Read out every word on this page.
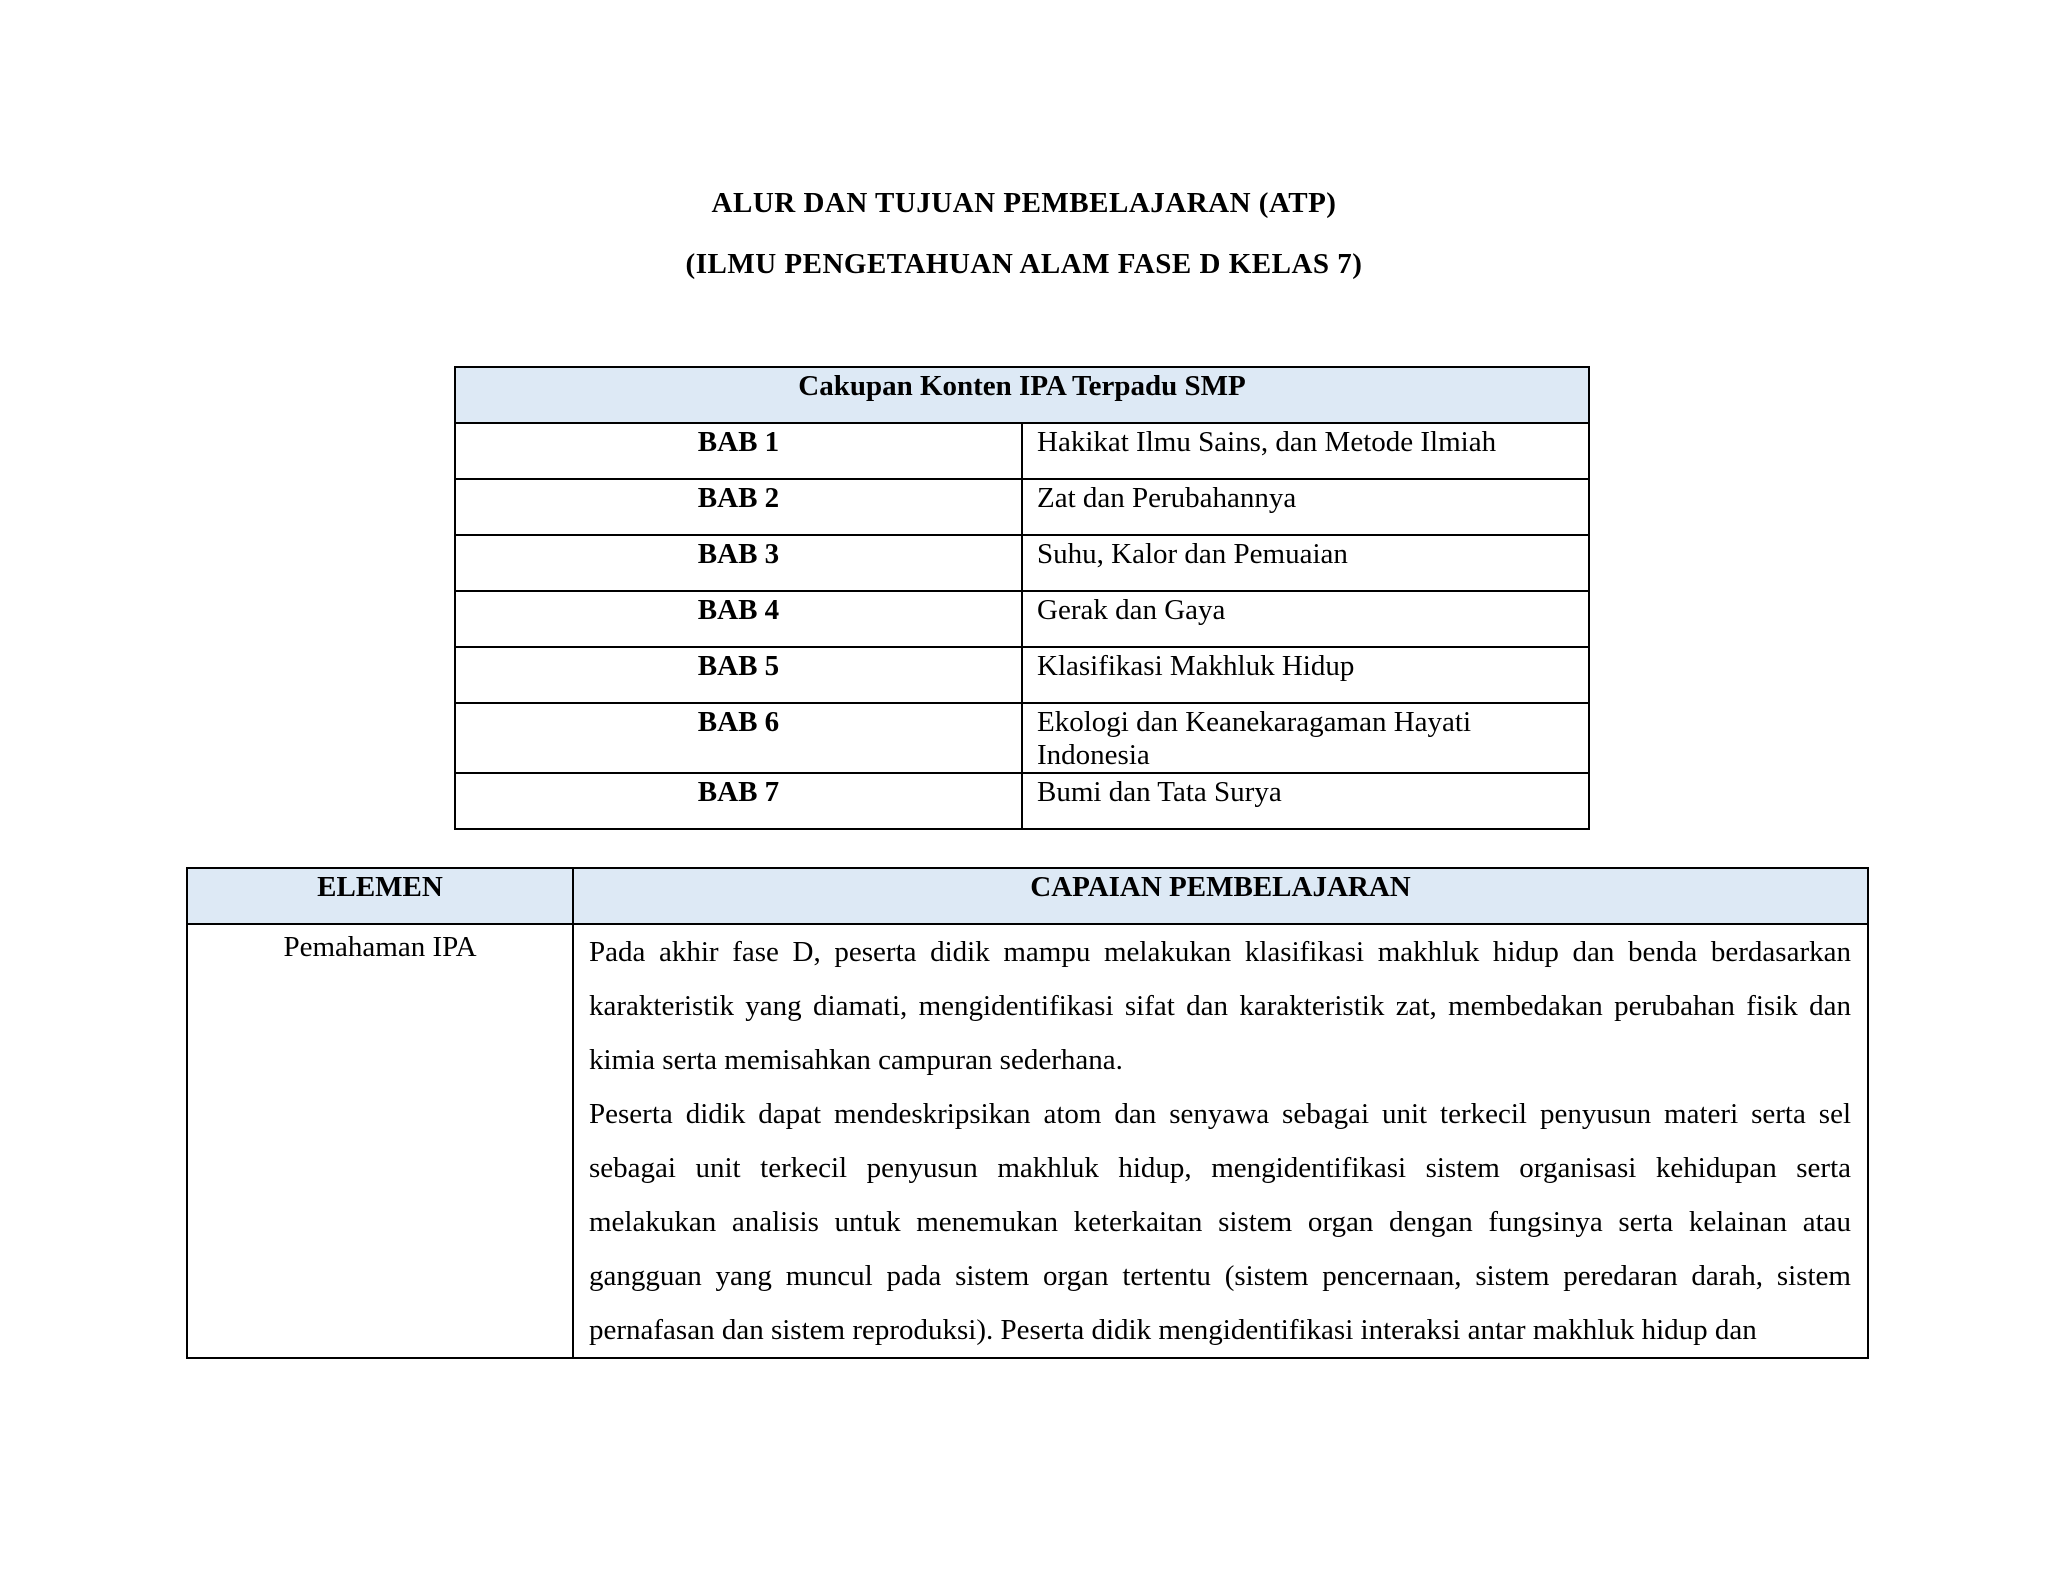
ALUR DAN TUJUAN PEMBELAJARAN (ATP)
(ILMU PENGETAHUAN ALAM FASE D KELAS 7)
Cakupan Konten IPA Terpadu SMP	
BAB 1	Hakikat Ilmu Sains, dan Metode Ilmiah
BAB 2	Zat dan Perubahannya
BAB 3	Suhu, Kalor dan Pemuaian
BAB 4	Gerak dan Gaya
BAB 5	Klasifikasi Makhluk Hidup
BAB 6	Ekologi dan Keanekaragaman Hayati Indonesia
BAB 7	Bumi dan Tata Surya
ELEMEN	CAPAIAN PEMBELAJARAN
Pemahaman IPA	Pada akhir fase D, peserta didik mampu melakukan klasifikasi makhluk hidup dan benda berdasarkan karakteristik yang diamati, mengidentifikasi sifat dan karakteristik zat, membedakan perubahan fisik dan kimia serta memisahkan campuran sederhana.

Peserta didik dapat mendeskripsikan atom dan senyawa sebagai unit terkecil penyusun materi serta sel sebagai unit terkecil penyusun makhluk hidup, mengidentifikasi sistem organisasi kehidupan serta melakukan analisis untuk menemukan keterkaitan sistem organ dengan fungsinya serta kelainan atau gangguan yang muncul pada sistem organ tertentu (sistem pencernaan, sistem peredaran darah, sistem pernafasan dan sistem reproduksi). Peserta didik mengidentifikasi interaksi antar makhluk hidup dan
